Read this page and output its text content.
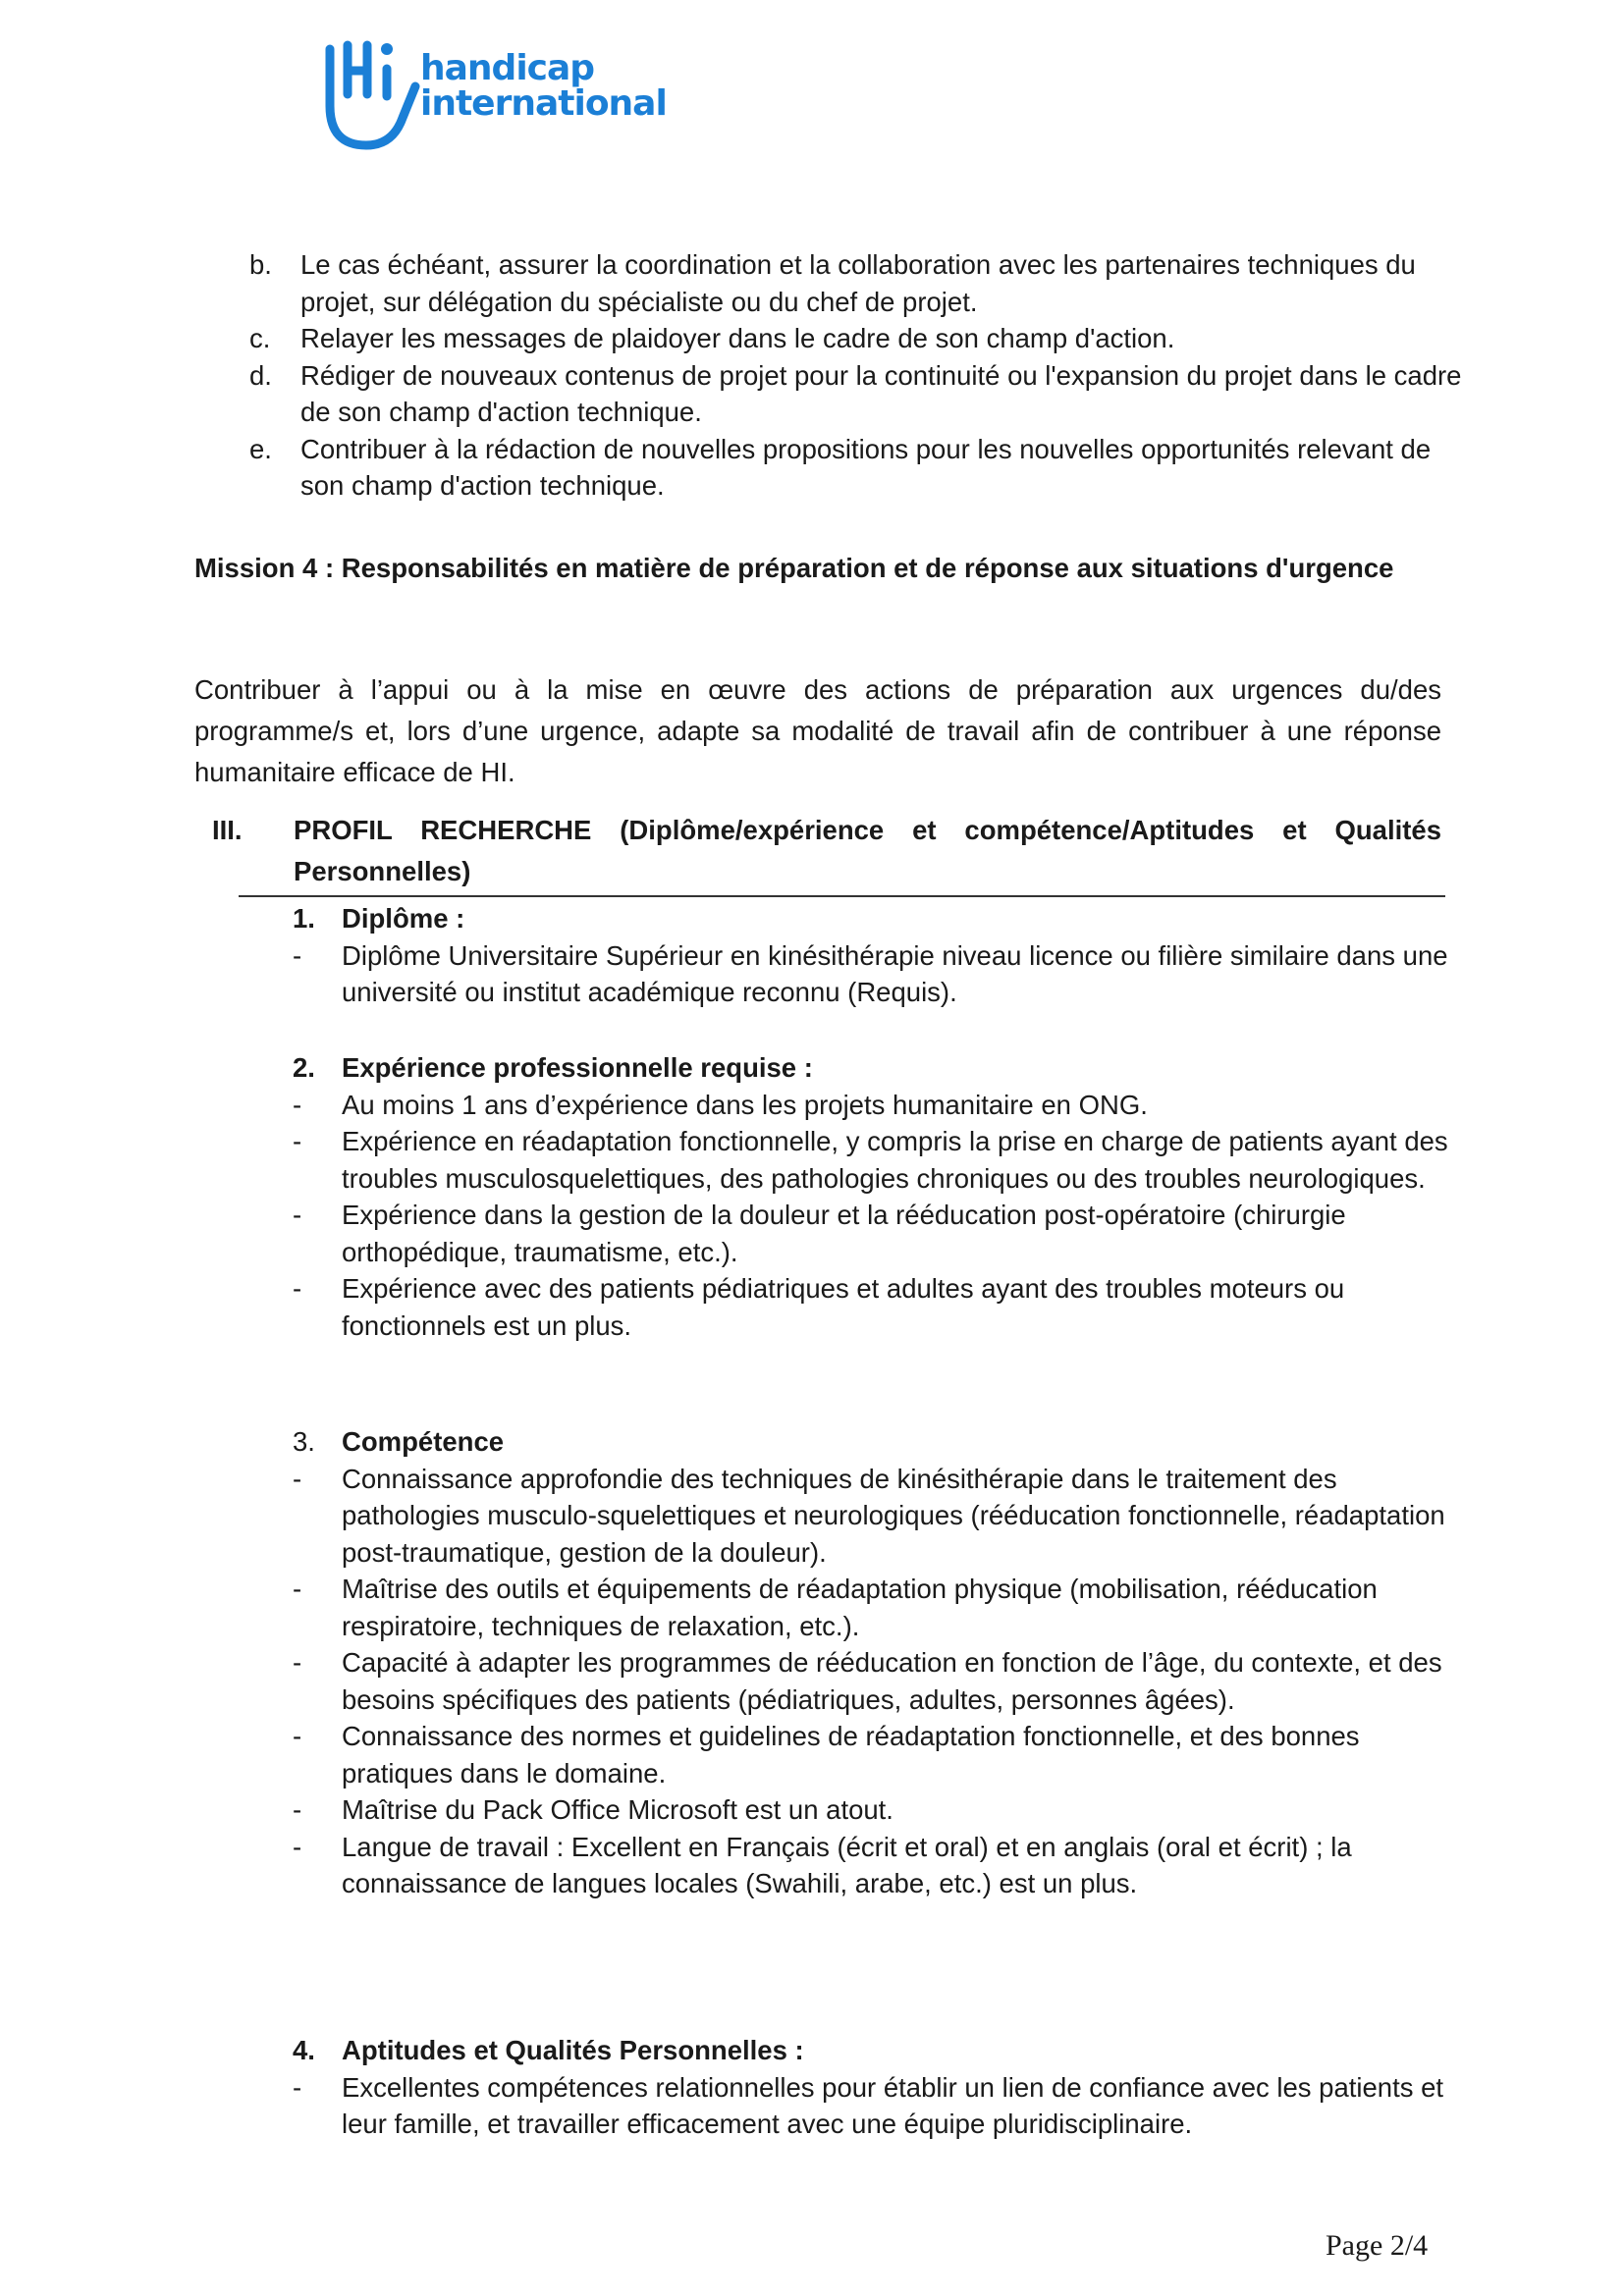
handicap
international
b. Le cas échéant, assurer la coordination et la collaboration avec les partenaires techniques du projet, sur délégation du spécialiste ou du chef de projet.
c. Relayer les messages de plaidoyer dans le cadre de son champ d'action.
d. Rédiger de nouveaux contenus de projet pour la continuité ou l'expansion du projet dans le cadre de son champ d'action technique.
e. Contribuer à la rédaction de nouvelles propositions pour les nouvelles opportunités relevant de son champ d'action technique.
Mission 4 : Responsabilités en matière de préparation et de réponse aux situations d'urgence
Contribuer à l’appui ou à la mise en œuvre des actions de préparation aux urgences du/des programme/s et, lors d’une urgence, adapte sa modalité de travail afin de contribuer à une réponse humanitaire efficace de HI.
III. PROFIL RECHERCHE (Diplôme/expérience et compétence/Aptitudes et Qualités Personnelles)
1. Diplôme :
- Diplôme Universitaire Supérieur en kinésithérapie niveau licence ou filière similaire dans une université ou institut académique reconnu (Requis).
2. Expérience professionnelle requise :
- Au moins 1 ans d’expérience dans les projets humanitaire en ONG.
- Expérience en réadaptation fonctionnelle, y compris la prise en charge de patients ayant des troubles musculosquelettiques, des pathologies chroniques ou des troubles neurologiques.
- Expérience dans la gestion de la douleur et la rééducation post-opératoire (chirurgie orthopédique, traumatisme, etc.).
- Expérience avec des patients pédiatriques et adultes ayant des troubles moteurs ou fonctionnels est un plus.
3. Compétence
- Connaissance approfondie des techniques de kinésithérapie dans le traitement des pathologies musculo-squelettiques et neurologiques (rééducation fonctionnelle, réadaptation post-traumatique, gestion de la douleur).
- Maîtrise des outils et équipements de réadaptation physique (mobilisation, rééducation respiratoire, techniques de relaxation, etc.).
- Capacité à adapter les programmes de rééducation en fonction de l’âge, du contexte, et des besoins spécifiques des patients (pédiatriques, adultes, personnes âgées).
- Connaissance des normes et guidelines de réadaptation fonctionnelle, et des bonnes pratiques dans le domaine.
- Maîtrise du Pack Office Microsoft est un atout.
- Langue de travail : Excellent en Français (écrit et oral) et en anglais (oral et écrit) ; la connaissance de langues locales (Swahili, arabe, etc.) est un plus.
4. Aptitudes et Qualités Personnelles :
- Excellentes compétences relationnelles pour établir un lien de confiance avec les patients et leur famille, et travailler efficacement avec une équipe pluridisciplinaire.
Page 2/4
